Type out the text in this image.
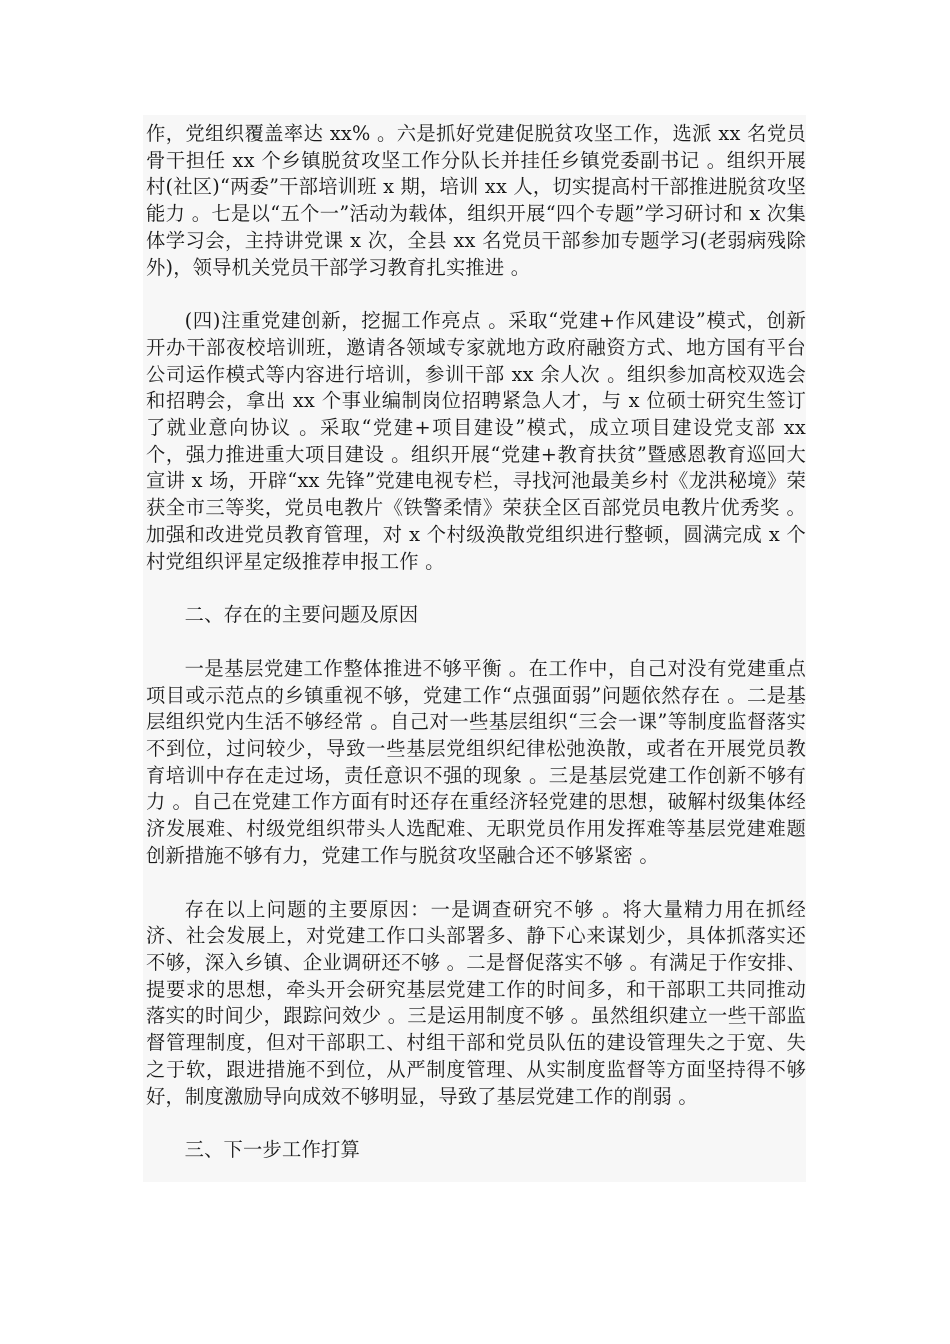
作，党组织覆盖率达 xx% 。六是抓好党建促脱贫攻坚工作，选派 xx 名党员骨干担任 xx 个乡镇脱贫攻坚工作分队长并挂任乡镇党委副书记 。组织开展村(社区)“两委”干部培训班 x 期，培训 xx 人，切实提高村干部推进脱贫攻坚能力 。七是以“五个一”活动为载体，组织开展“四个专题”学习研讨和 x 次集体学习会，主持讲党课 x 次，全县 xx 名党员干部参加专题学习(老弱病残除外)，领导机关党员干部学习教育扎实推进 。

(四)注重党建创新，挖掘工作亮点 。采取“党建+作风建设”模式，创新开办干部夜校培训班，邀请各领域专家就地方政府融资方式、地方国有平台公司运作模式等内容进行培训，参训干部 xx 余人次 。组织参加高校双选会和招聘会，拿出 xx 个事业编制岗位招聘紧急人才，与 x 位硕士研究生签订了就业意向协议 。采取“党建+项目建设”模式，成立项目建设党支部 xx 个，强力推进重大项目建设 。组织开展“党建+教育扶贫”暨感恩教育巡回大宣讲 x 场，开辟“xx 先锋”党建电视专栏，寻找河池最美乡村《龙洪秘境》荣获全市三等奖，党员电教片《铁警柔情》荣获全区百部党员电教片优秀奖 。加强和改进党员教育管理，对 x 个村级涣散党组织进行整顿，圆满完成 x 个村党组织评星定级推荐申报工作 。

二、存在的主要问题及原因

一是基层党建工作整体推进不够平衡 。在工作中，自己对没有党建重点项目或示范点的乡镇重视不够，党建工作“点强面弱”问题依然存在 。二是基层组织党内生活不够经常 。自己对一些基层组织“三会一课”等制度监督落实不到位，过问较少，导致一些基层党组织纪律松弛涣散，或者在开展党员教育培训中存在走过场，责任意识不强的现象 。三是基层党建工作创新不够有力 。自己在党建工作方面有时还存在重经济轻党建的思想，破解村级集体经济发展难、村级党组织带头人选配难、无职党员作用发挥难等基层党建难题创新措施不够有力，党建工作与脱贫攻坚融合还不够紧密 。

存在以上问题的主要原因：一是调查研究不够 。将大量精力用在抓经济、社会发展上，对党建工作口头部署多、静下心来谋划少，具体抓落实还不够，深入乡镇、企业调研还不够 。二是督促落实不够 。有满足于作安排、提要求的思想，牵头开会研究基层党建工作的时间多，和干部职工共同推动落实的时间少，跟踪问效少 。三是运用制度不够 。虽然组织建立一些干部监督管理制度，但对干部职工、村组干部和党员队伍的建设管理失之于宽、失之于软，跟进措施不到位，从严制度管理、从实制度监督等方面坚持得不够好，制度激励导向成效不够明显，导致了基层党建工作的削弱 。

三、下一步工作打算
